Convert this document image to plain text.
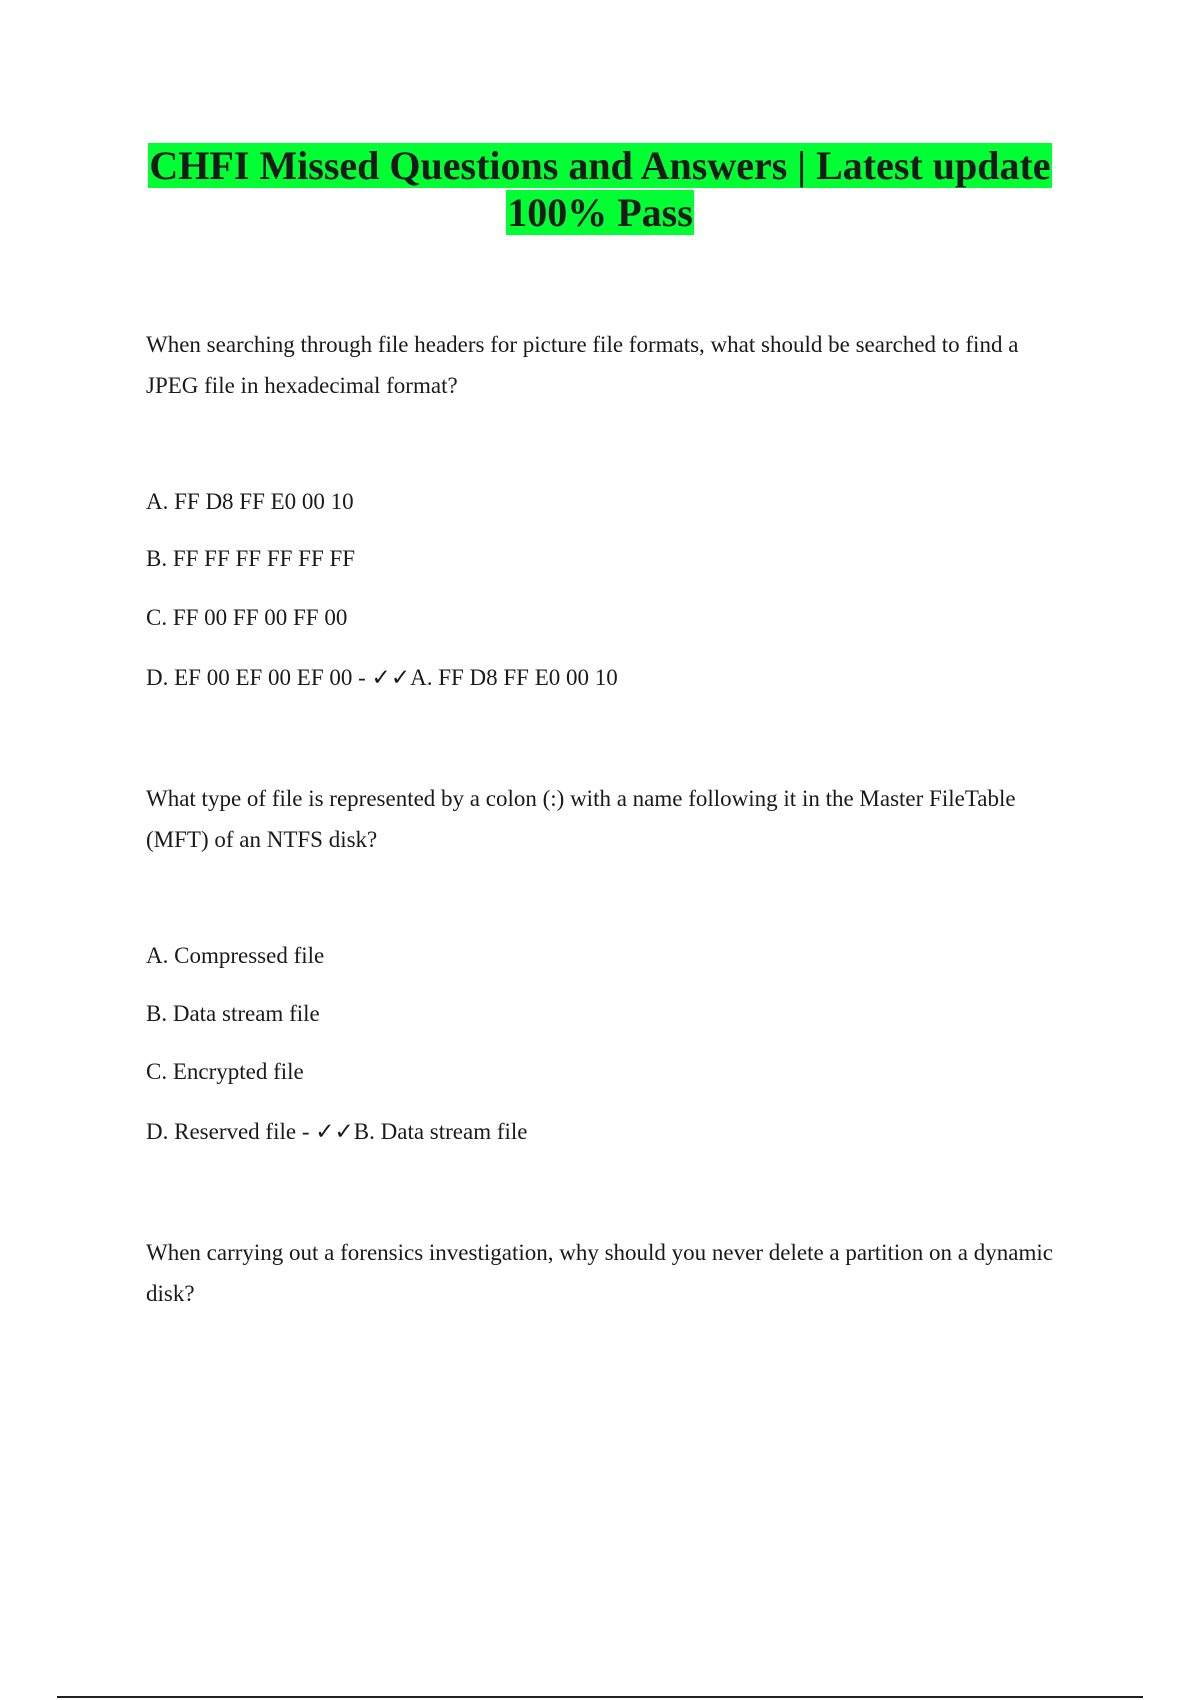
CHFI Missed Questions and Answers | Latest update
100% Pass

When searching through file headers for picture file formats, what should be searched to find a JPEG file in hexadecimal format?

A. FF D8 FF E0 00 10
B. FF FF FF FF FF FF
C. FF 00 FF 00 FF 00
D. EF 00 EF 00 EF 00 - ✓✓A. FF D8 FF E0 00 10

What type of file is represented by a colon (:) with a name following it in the Master FileTable (MFT) of an NTFS disk?

A. Compressed file
B. Data stream file
C. Encrypted file
D. Reserved file - ✓✓B. Data stream file

When carrying out a forensics investigation, why should you never delete a partition on a dynamic disk?
